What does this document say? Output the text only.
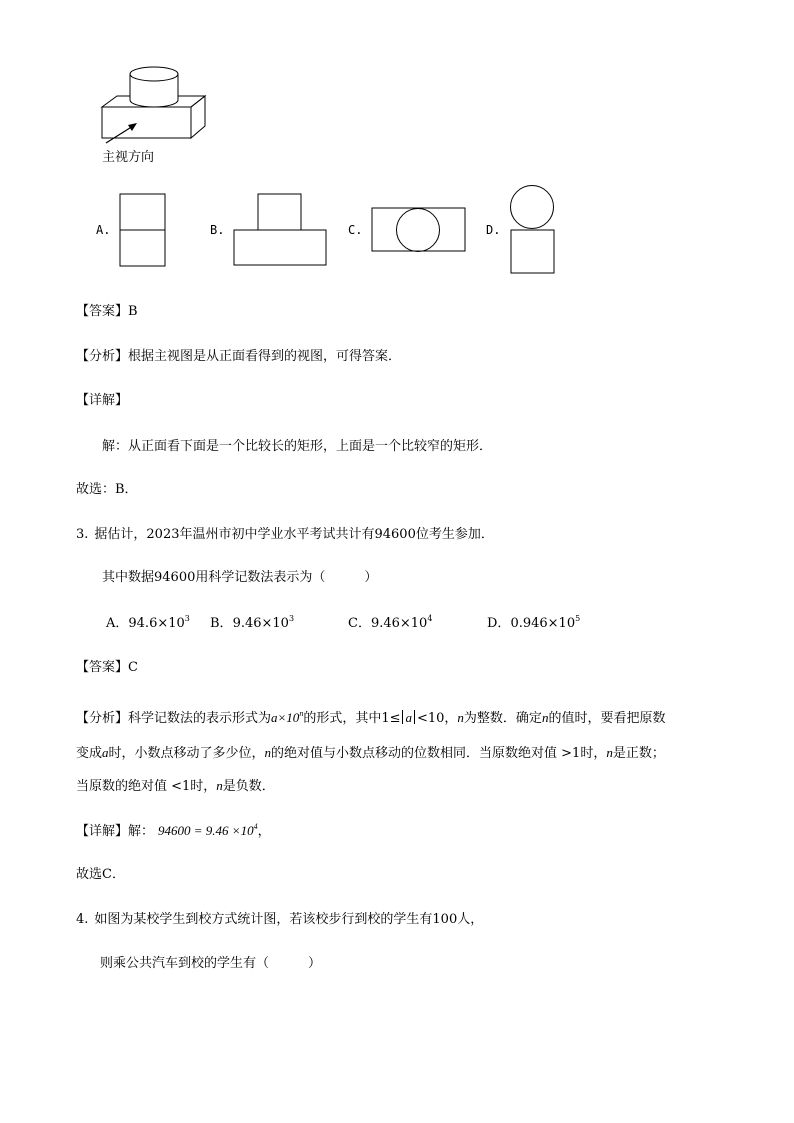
主视方向
A.	B.	C.	D.
【答案】B
【分析】根据主视图是从正面看得到的视图，可得答案．
【详解】
解：从正面看下面是一个比较长的矩形，上面是一个比较窄的矩形．
故选：B．
3. 据估计，2023年温州市初中学业水平考试共计有94600位考生参加．
其中数据94600用科学记数法表示为（　　　）
A．$94.6\times 10^3$ B．$9.46\times 10^3$	C．$9.46\times 10^4$	D．$0.946\times 10^5$
【答案】C
【分析】科学记数法的表示形式为$a\times 10^n$的形式，其中1≤ a <10，n为整数．确定n的值时，要看把原数
变成a时，小数点移动了多少位，n的绝对值与小数点移动的位数相同．当原数绝对值 >1时，n是正数；
当原数的绝对值 <1时，n是负数．
【详解】解： $94600 = 9.46 \times 10^4$，
故选C．
4. 如图为某校学生到校方式统计图，若该校步行到校的学生有100人，
则乘公共汽车到校的学生有（　　　）
